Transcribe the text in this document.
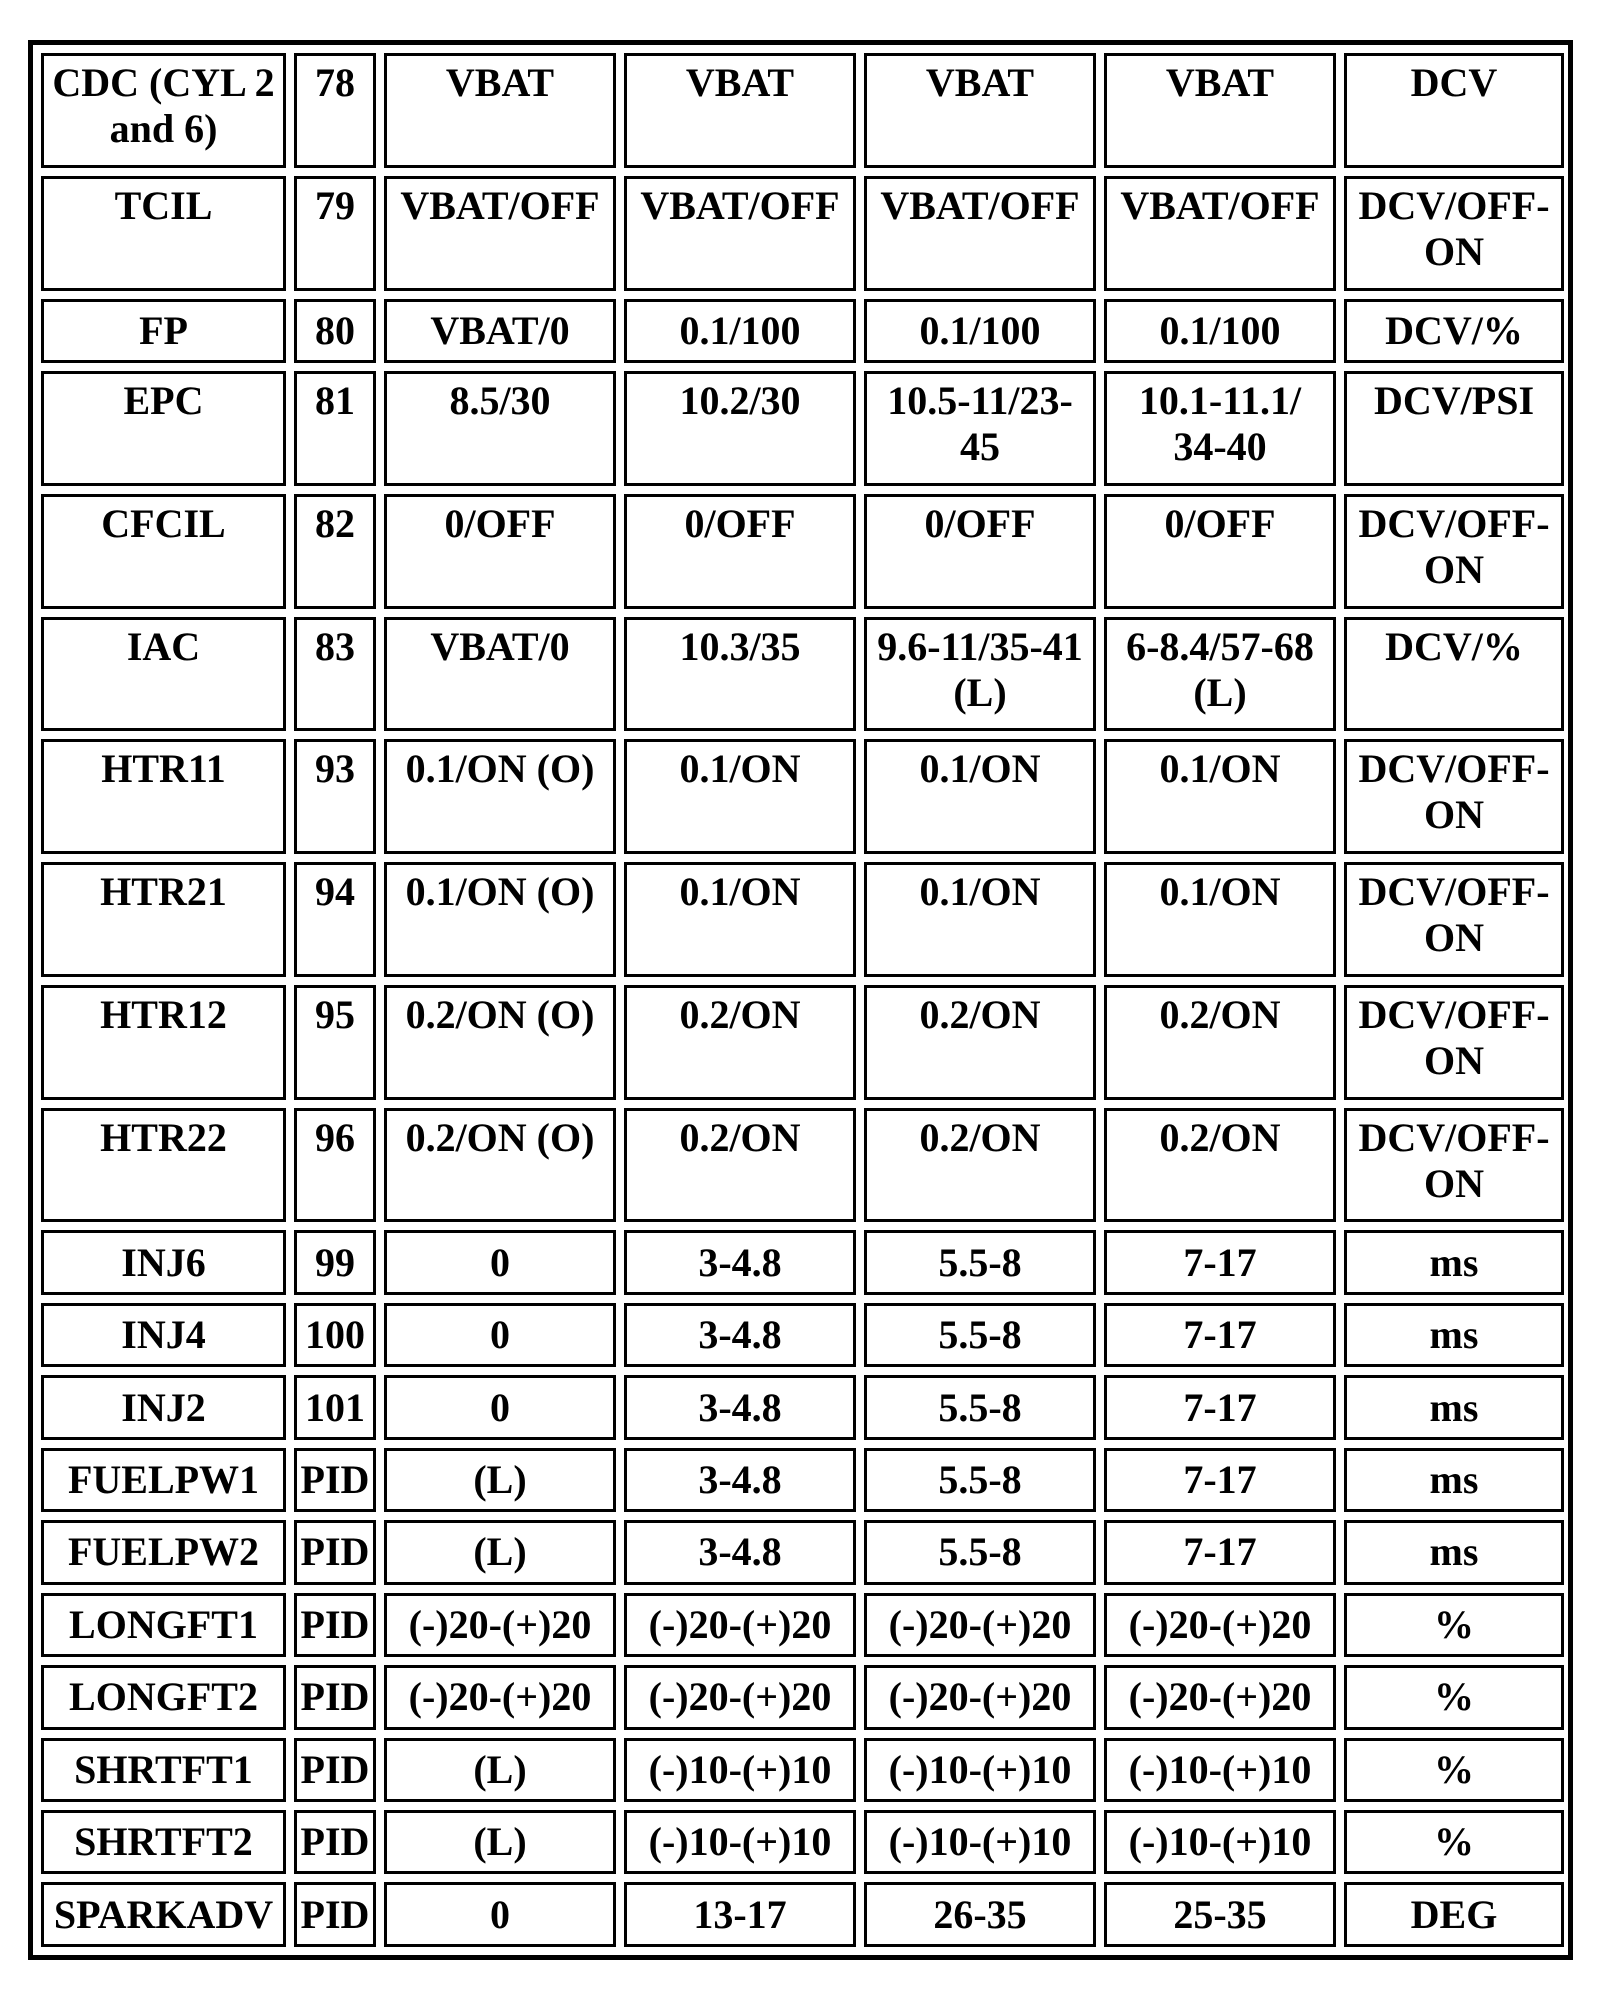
CDC (CYL 2 and 6)	78	VBAT	VBAT	VBAT	VBAT	DCV
TCIL	79	VBAT/OFF	VBAT/OFF	VBAT/OFF	VBAT/OFF	DCV/OFF-ON
FP	80	VBAT/0	0.1/100	0.1/100	0.1/100	DCV/%
EPC	81	8.5/30	10.2/30	10.5-11/23-45	10.1-11.1/ 34-40	DCV/PSI
CFCIL	82	0/OFF	0/OFF	0/OFF	0/OFF	DCV/OFF-ON
IAC	83	VBAT/0	10.3/35	9.6-11/35-41 (L)	6-8.4/57-68 (L)	DCV/%
HTR11	93	0.1/ON (O)	0.1/ON	0.1/ON	0.1/ON	DCV/OFF-ON
HTR21	94	0.1/ON (O)	0.1/ON	0.1/ON	0.1/ON	DCV/OFF-ON
HTR12	95	0.2/ON (O)	0.2/ON	0.2/ON	0.2/ON	DCV/OFF-ON
HTR22	96	0.2/ON (O)	0.2/ON	0.2/ON	0.2/ON	DCV/OFF-ON
INJ6	99	0	3-4.8	5.5-8	7-17	ms
INJ4	100	0	3-4.8	5.5-8	7-17	ms
INJ2	101	0	3-4.8	5.5-8	7-17	ms
FUELPW1	PID	(L)	3-4.8	5.5-8	7-17	ms
FUELPW2	PID	(L)	3-4.8	5.5-8	7-17	ms
LONGFT1	PID	(-)20-(+)20	(-)20-(+)20	(-)20-(+)20	(-)20-(+)20	%
LONGFT2	PID	(-)20-(+)20	(-)20-(+)20	(-)20-(+)20	(-)20-(+)20	%
SHRTFT1	PID	(L)	(-)10-(+)10	(-)10-(+)10	(-)10-(+)10	%
SHRTFT2	PID	(L)	(-)10-(+)10	(-)10-(+)10	(-)10-(+)10	%
SPARKADV	PID	0	13-17	26-35	25-35	DEG
